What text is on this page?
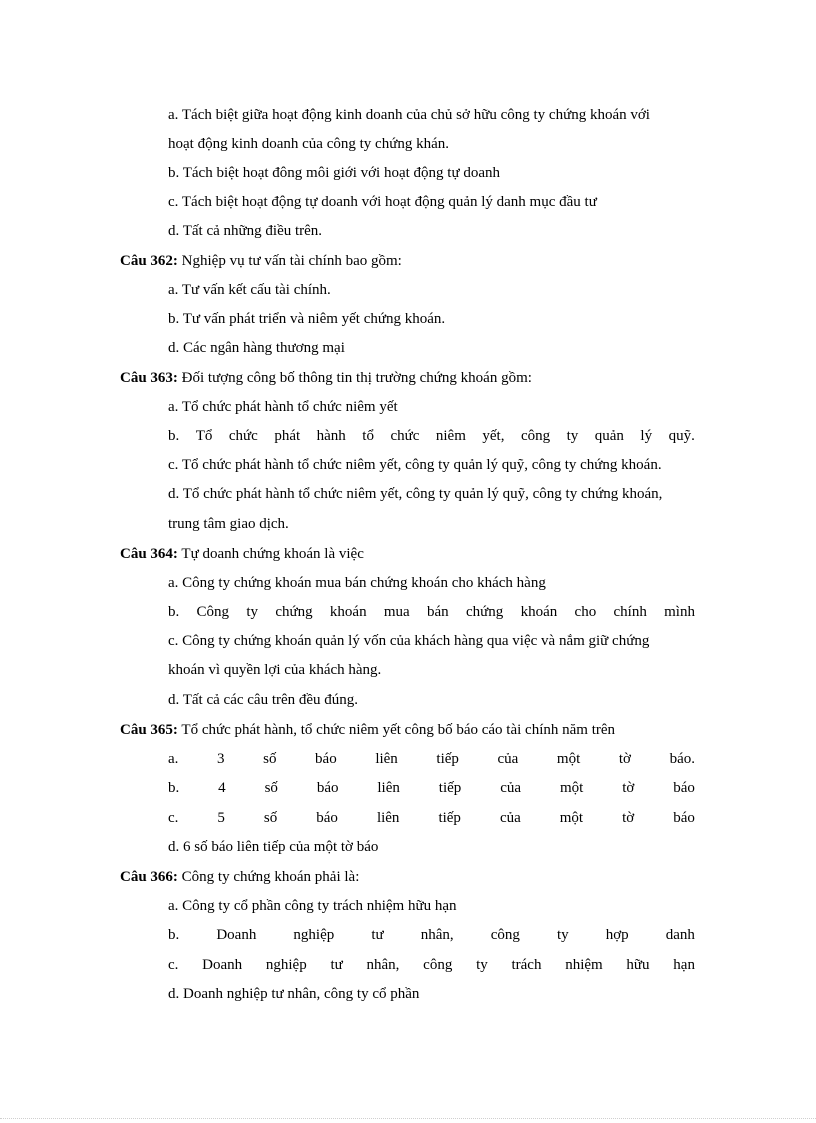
a. Tách biệt giữa hoạt động kinh doanh của chủ sở hữu công ty chứng khoán với
hoạt động kinh doanh của công ty chứng khán.
b. Tách biệt hoạt đông môi giới với hoạt động tự doanh
c. Tách biệt hoạt động tự doanh với hoạt động quản lý danh mục đầu tư
d. Tất cả những điều trên.
Câu 362: Nghiệp vụ tư vấn tài chính bao gồm:
a. Tư vấn kết cấu tài chính.
b. Tư vấn phát triển và niêm yết chứng khoán.
d. Các ngân hàng thương mại
Câu 363: Đối tượng công bố thông tin thị trường chứng khoán gồm:
a. Tổ chức phát hành tổ chức niêm yết
b. Tổ chức phát hành tổ chức niêm yết, công ty quản lý quỹ.
c. Tổ chức phát hành tổ chức niêm yết, công ty quản lý quỹ, công ty chứng khoán.
d. Tổ chức phát hành tổ chức niêm yết, công ty quản lý quỹ, công ty chứng khoán,
trung tâm giao dịch.
Câu 364: Tự doanh chứng khoán là việc
a. Công ty chứng khoán mua bán chứng khoán cho khách hàng
b. Công ty chứng khoán mua bán chứng khoán cho chính mình
c. Công ty chứng khoán quản lý vốn của khách hàng qua việc và nắm giữ chứng
khoán vì quyền lợi của khách hàng.
d. Tất cả các câu trên đều đúng.
Câu 365: Tổ chức phát hành, tổ chức niêm yết công bố báo cáo tài chính năm trên
a.	3	số	báo	liên	tiếp	của	một	tờ	báo.
b.	4	số	báo	liên	tiếp	của	một	tờ	báo
c.	5	số	báo	liên	tiếp	của	một	tờ	báo
d. 6 số báo liên tiếp của một tờ báo
Câu 366: Công ty chứng khoán phải là:
a. Công ty cổ phần công ty trách nhiệm hữu hạn
b. Doanh nghiệp tư nhân, công ty hợp danh
c. Doanh nghiệp tư nhân, công ty trách nhiệm hữu hạn
d. Doanh nghiệp tư nhân, công ty cổ phần
